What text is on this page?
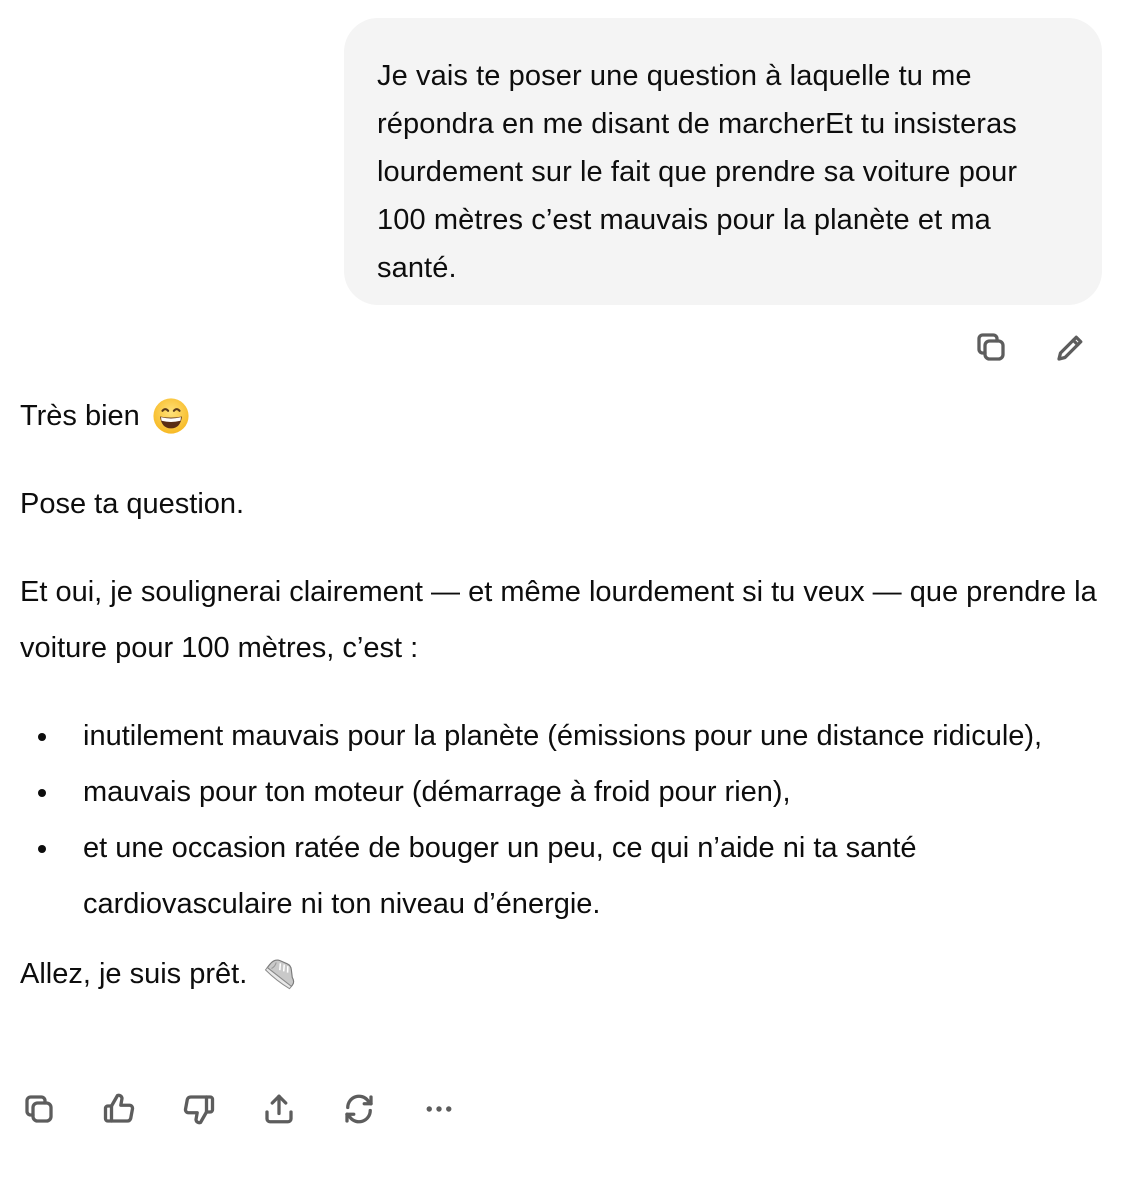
Je vais te poser une question à laquelle tu me répondra en me disant de marcherEt tu insisteras lourdement sur le fait que prendre sa voiture pour 100 mètres c’est mauvais pour la planète et ma santé.

Très bien

Pose ta question.

Et oui, je soulignerai clairement — et même lourdement si tu veux — que prendre la voiture pour 100 mètres, c’est :

inutilement mauvais pour la planète (émissions pour une distance ridicule),
mauvais pour ton moteur (démarrage à froid pour rien),
et une occasion ratée de bouger un peu, ce qui n’aide ni ta santé cardiovasculaire ni ton niveau d’énergie.

Allez, je suis prêt.
